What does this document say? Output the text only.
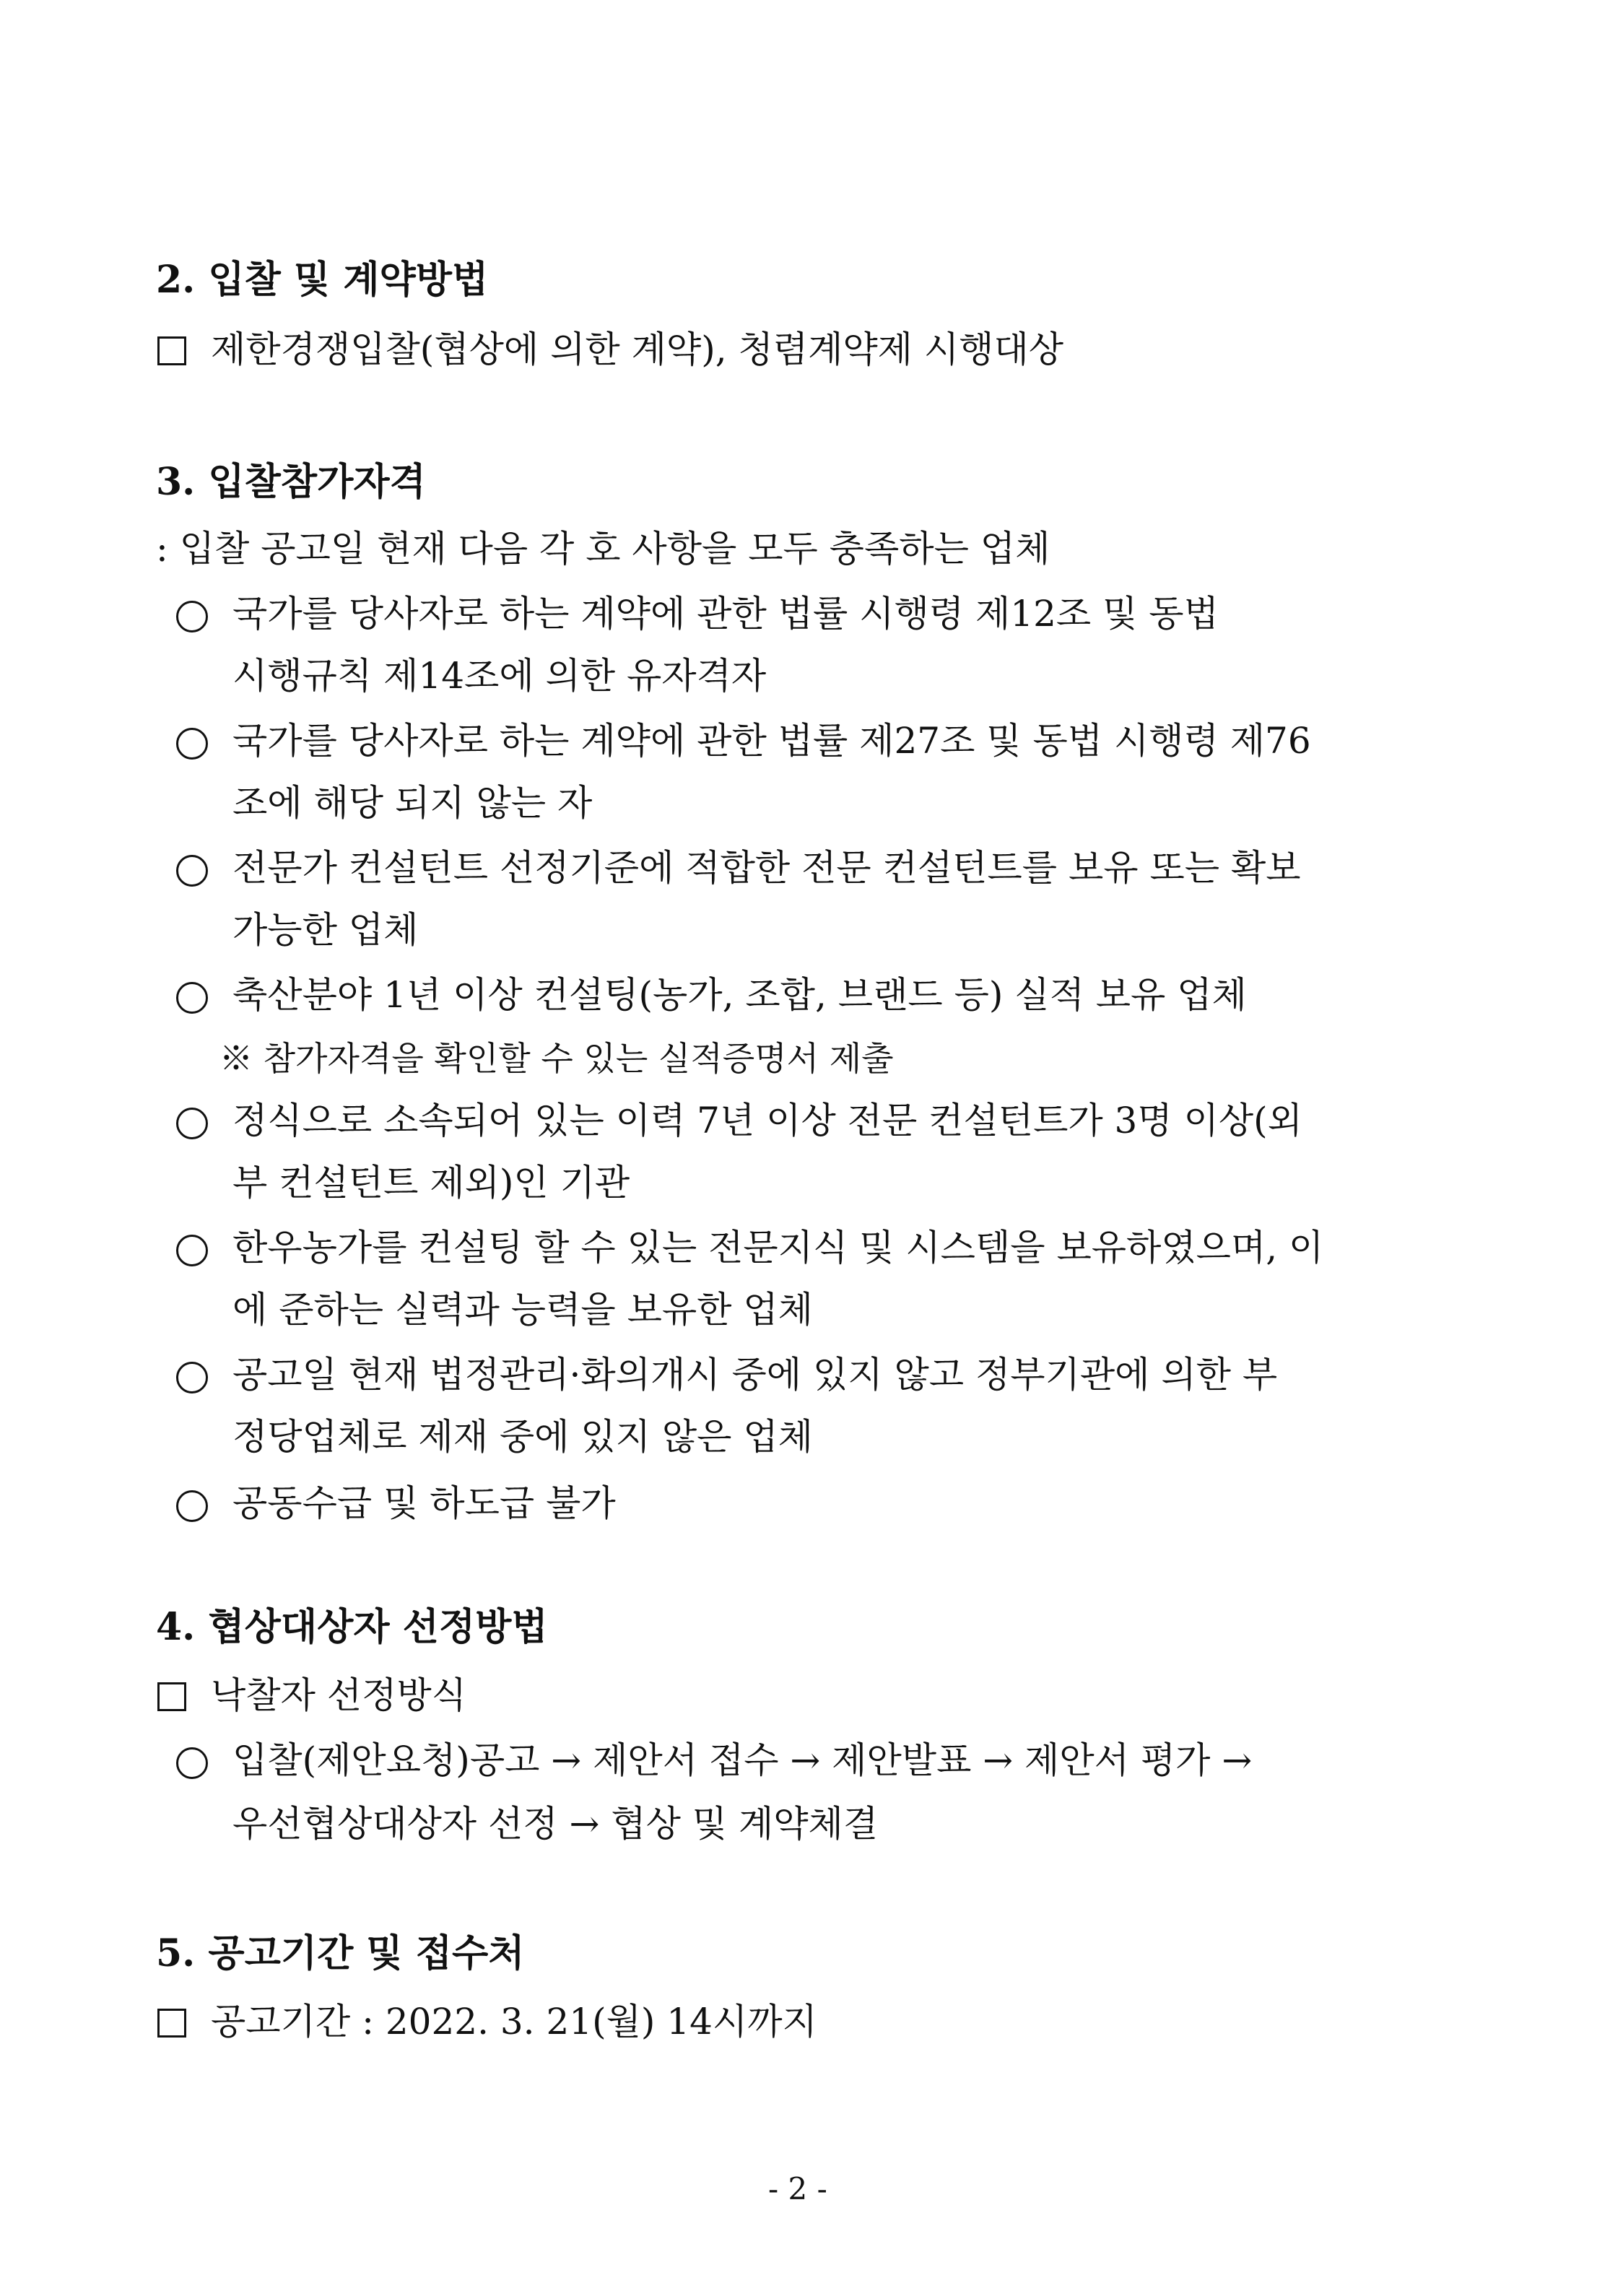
2. 입찰 및 계약방법
제한경쟁입찰(협상에 의한 계약), 청렴계약제 시행대상
3. 입찰참가자격
: 입찰 공고일 현재 다음 각 호 사항을 모두 충족하는 업체
국가를 당사자로 하는 계약에 관한 법률 시행령 제12조 및 동법
시행규칙 제14조에 의한 유자격자
국가를 당사자로 하는 계약에 관한 법률 제27조 및 동법 시행령 제76
조에 해당 되지 않는 자
전문가 컨설턴트 선정기준에 적합한 전문 컨설턴트를 보유 또는 확보
가능한 업체
축산분야 1년 이상 컨설팅(농가, 조합, 브랜드 등) 실적 보유 업체
※ 참가자격을 확인할 수 있는 실적증명서 제출
정식으로 소속되어 있는 이력 7년 이상 전문 컨설턴트가 3명 이상(외
부 컨설턴트 제외)인 기관
한우농가를 컨설팅 할 수 있는 전문지식 및 시스템을 보유하였으며, 이
에 준하는 실력과 능력을 보유한 업체
공고일 현재 법정관리·화의개시 중에 있지 않고 정부기관에 의한 부
정당업체로 제재 중에 있지 않은 업체
공동수급 및 하도급 불가
4. 협상대상자 선정방법
낙찰자 선정방식
입찰(제안요청)공고 → 제안서 접수 → 제안발표 → 제안서 평가 →
우선협상대상자 선정 → 협상 및 계약체결
5. 공고기간 및 접수처
공고기간 : 2022. 3. 21(월) 14시까지
- 2 -
